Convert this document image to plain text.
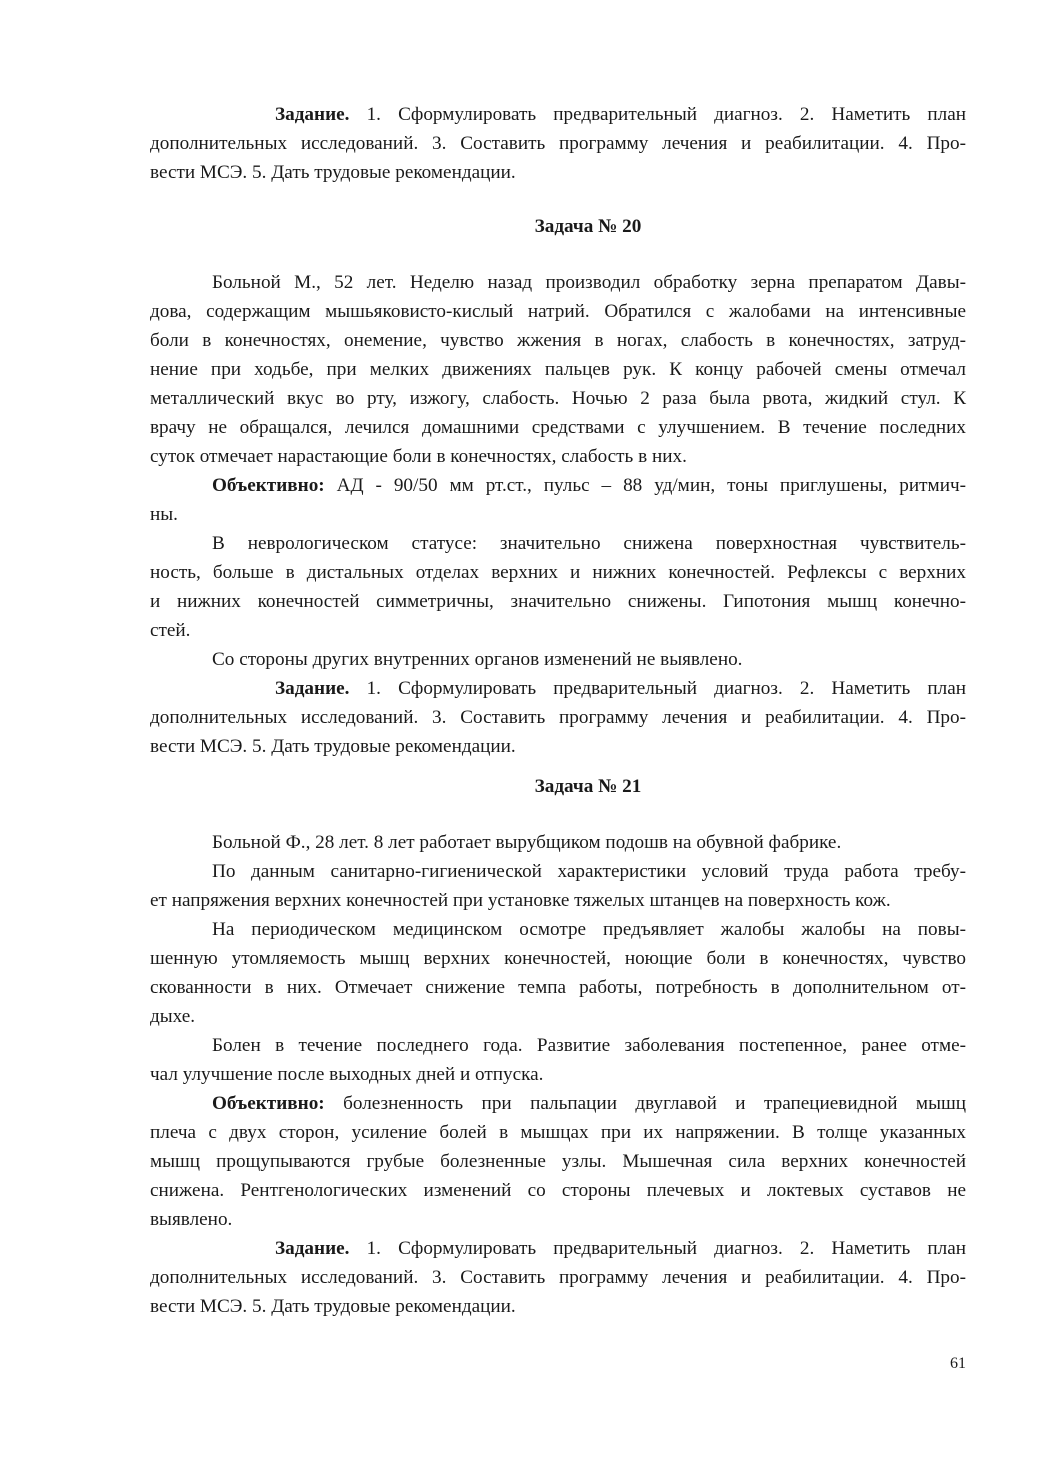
Задание. 1. Сформулировать предварительный диагноз. 2. Наметить план
дополнительных исследований. 3. Составить программу лечения и реабилитации. 4. Про-
вести МСЭ. 5. Дать трудовые рекомендации.
Задача № 20
Больной М., 52 лет. Неделю назад производил обработку зерна препаратом Давы-
дова, содержащим мышьяковисто-кислый натрий. Обратился с жалобами на интенсивные
боли в конечностях, онемение, чувство жжения в ногах, слабость в конечностях, затруд-
нение при ходьбе, при мелких движениях пальцев рук. К концу рабочей смены отмечал
металлический вкус во рту, изжогу, слабость. Ночью 2 раза была рвота, жидкий стул. К
врачу не обращался, лечился домашними средствами с улучшением. В течение последних
суток отмечает нарастающие боли в конечностях, слабость в них.
Объективно: АД - 90/50 мм рт.ст., пульс – 88 уд/мин, тоны приглушены, ритмич-
ны.
В неврологическом статусе: значительно снижена поверхностная чувствитель-
ность, больше в дистальных отделах верхних и нижних конечностей. Рефлексы с верхних
и нижних конечностей симметричны, значительно снижены. Гипотония мышц конечно-
стей.
Со стороны других внутренних органов изменений не выявлено.
Задание. 1. Сформулировать предварительный диагноз. 2. Наметить план
дополнительных исследований. 3. Составить программу лечения и реабилитации. 4. Про-
вести МСЭ. 5. Дать трудовые рекомендации.
Задача № 21
Больной Ф., 28 лет. 8 лет работает вырубщиком подошв на обувной фабрике.
По данным санитарно-гигиенической характеристики условий труда работа требу-
ет напряжения верхних конечностей при установке тяжелых штанцев на поверхность кож.
На периодическом медицинском осмотре предъявляет жалобы жалобы на повы-
шенную утомляемость мышц верхних конечностей, ноющие боли в конечностях, чувство
скованности в них. Отмечает снижение темпа работы, потребность в дополнительном от-
дыхе.
Болен в течение последнего года. Развитие заболевания постепенное, ранее отме-
чал улучшение после выходных дней и отпуска.
Объективно: болезненность при пальпации двуглавой и трапециевидной мышц
плеча с двух сторон, усиление болей в мышцах при их напряжении. В толще указанных
мышц прощупываются грубые болезненные узлы. Мышечная сила верхних конечностей
снижена. Рентгенологических изменений со стороны плечевых и локтевых суставов не
выявлено.
Задание. 1. Сформулировать предварительный диагноз. 2. Наметить план
дополнительных исследований. 3. Составить программу лечения и реабилитации. 4. Про-
вести МСЭ. 5. Дать трудовые рекомендации.
61
